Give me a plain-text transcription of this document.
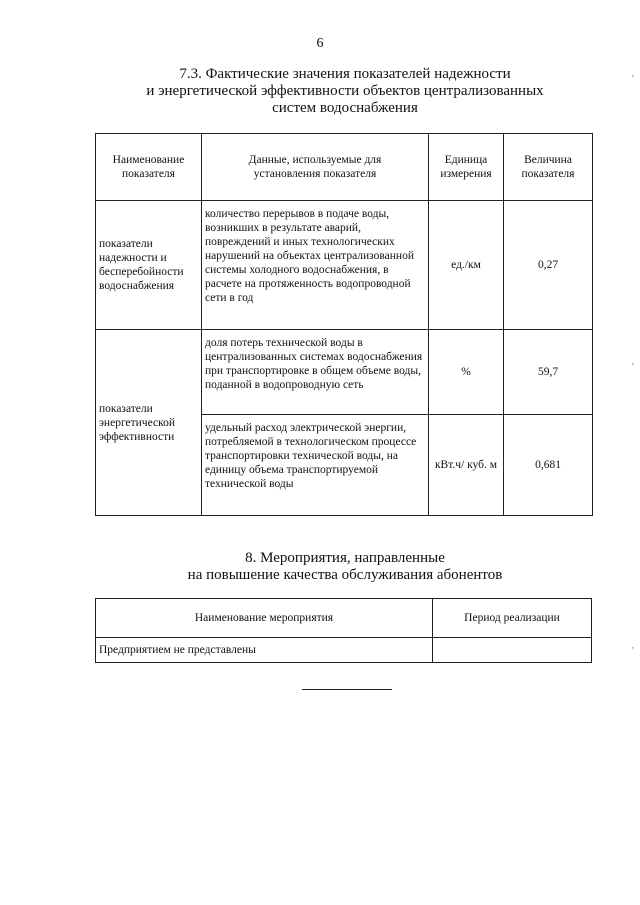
6
7.3. Фактические значения показателей надежности
и энергетической эффективности объектов централизованных
систем водоснабжения
Наименование показателя	Данные, используемые для установления показателя	Единица измерения	Величина показателя
показатели надежности и бесперебойности водоснабжения	количество перерывов в подаче воды, возникших в результате аварий, повреждений и иных технологических нарушений на объектах централизованной системы холодного водоснабжения, в расчете на протяженность водопроводной сети в год	ед./км	0,27
показатели энергетической эффективности	доля потерь технической воды в централизованных системах водоснабжения при транспортировке в общем объеме воды, поданной в водопроводную сеть	%	59,7
	удельный расход электрической энергии, потребляемой в технологическом процессе транспортировки технической воды, на единицу объема транспортируемой технической воды	кВт.ч/ куб. м	0,681
8. Мероприятия, направленные
на повышение качества обслуживания абонентов
Наименование мероприятия	Период реализации
Предприятием не представлены	
,
,
,
